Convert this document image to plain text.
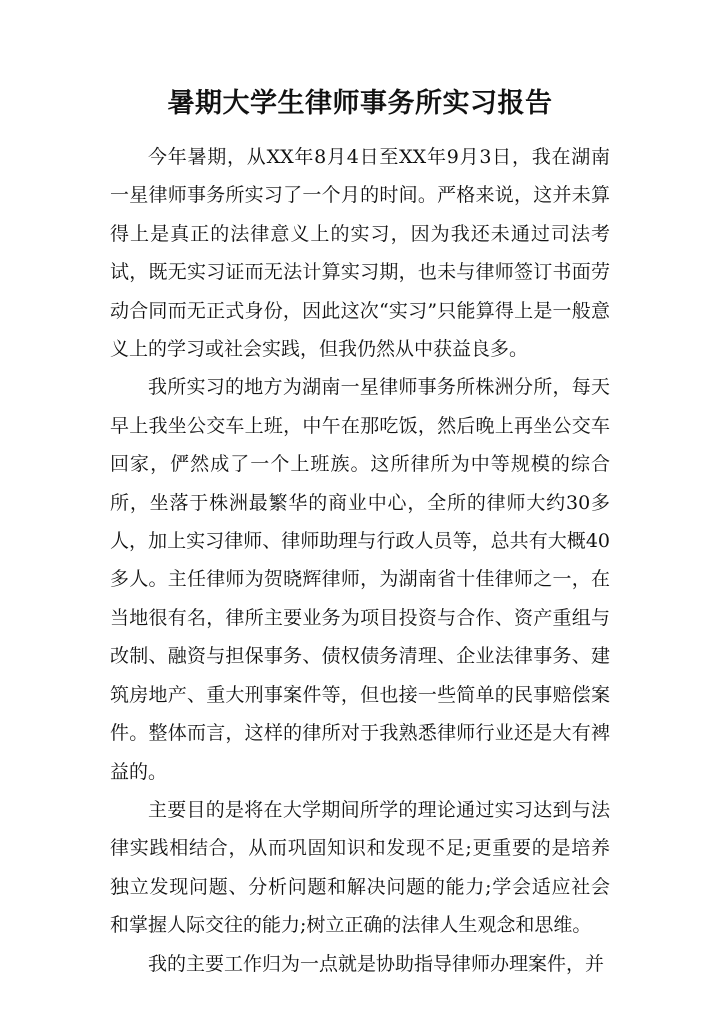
暑期大学生律师事务所实习报告

今年暑期，从XX年8月4日至XX年9月3日，我在湖南一星律师事务所实习了一个月的时间。严格来说，这并未算得上是真正的法律意义上的实习，因为我还未通过司法考试，既无实习证而无法计算实习期，也未与律师签订书面劳动合同而无正式身份，因此这次“实习”只能算得上是一般意义上的学习或社会实践，但我仍然从中获益良多。

我所实习的地方为湖南一星律师事务所株洲分所，每天早上我坐公交车上班，中午在那吃饭，然后晚上再坐公交车回家，俨然成了一个上班族。这所律所为中等规模的综合所，坐落于株洲最繁华的商业中心，全所的律师大约30多人，加上实习律师、律师助理与行政人员等，总共有大概40多人。主任律师为贺晓辉律师，为湖南省十佳律师之一，在当地很有名，律所主要业务为项目投资与合作、资产重组与改制、融资与担保事务、债权债务清理、企业法律事务、建筑房地产、重大刑事案件等，但也接一些简单的民事赔偿案件。整体而言，这样的律所对于我熟悉律师行业还是大有裨益的。

主要目的是将在大学期间所学的理论通过实习达到与法律实践相结合，从而巩固知识和发现不足;更重要的是培养独立发现问题、分析问题和解决问题的能力;学会适应社会和掌握人际交往的能力;树立正确的法律人生观念和思维。

我的主要工作归为一点就是协助指导律师办理案件，并
